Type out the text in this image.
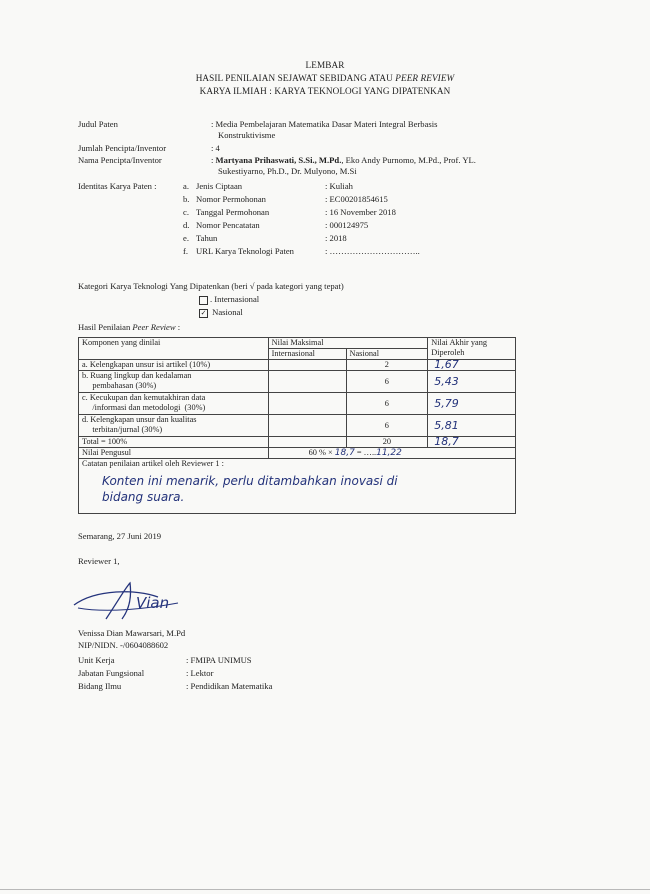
LEMBAR
HASIL PENILAIAN SEJAWAT SEBIDANG ATAU PEER REVIEW
KARYA ILMIAH : KARYA TEKNOLOGI YANG DIPATENKAN
Judul Paten	: Media Pembelajaran Matematika Dasar Materi Integral Berbasis
Konstruktivisme
Jumlah Pencipta/Inventor	: 4
Nama Pencipta/Inventor	: Martyana Prihaswati, S.Si., M.Pd., Eko Andy Purnomo, M.Pd., Prof. YL.
Sukestiyarno, Ph.D., Dr. Mulyono, M.Si
Identitas Karya Paten :	a. Jenis Ciptaan	: Kuliah
b. Nomor Permohonan	: EC00201854615
c. Tanggal Permohonan	: 16 November 2018
d. Nomor Pencatatan	: 000124975
e. Tahun	: 2018
f. URL Karya Teknologi Paten	: …………………………..
Kategori Karya Teknologi Yang Dipatenkan (beri √ pada kategori yang tepat)
. Internasional
✓ Nasional
Hasil Penilaian Peer Review :
Komponen yang dinilai	Nilai Maksimal		Nilai Akhir yang
Diperoleh
	Internasional	Nasional	
a. Kelengkapan unsur isi artikel (10%)		2	1,67
b. Ruang lingkup dan kedalaman
pembahasan (30%)		6	5,43
c. Kecukupan dan kemutakhiran data
/informasi dan metodologi  (30%)		6	5,79
d. Kelengkapan unsur dan kualitas
terbitan/jurnal (30%)		6	5,81
Total = 100%		20	18,7
Nilai Pengusul	60 % × 18,7 = …..11,22		

Catatan penilaian artikel oleh Reviewer 1 :
Konten ini menarik, perlu ditambahkan inovasi di
bidang suara.			
Semarang, 27 Juni 2019
Reviewer 1,
Vian
Venissa Dian Mawarsari, M.Pd
NIP/NIDN. -/0604088602
Unit Kerja	: FMIPA UNIMUS
Jabatan Fungsional	: Lektor
Bidang Ilmu	: Pendidikan Matematika
